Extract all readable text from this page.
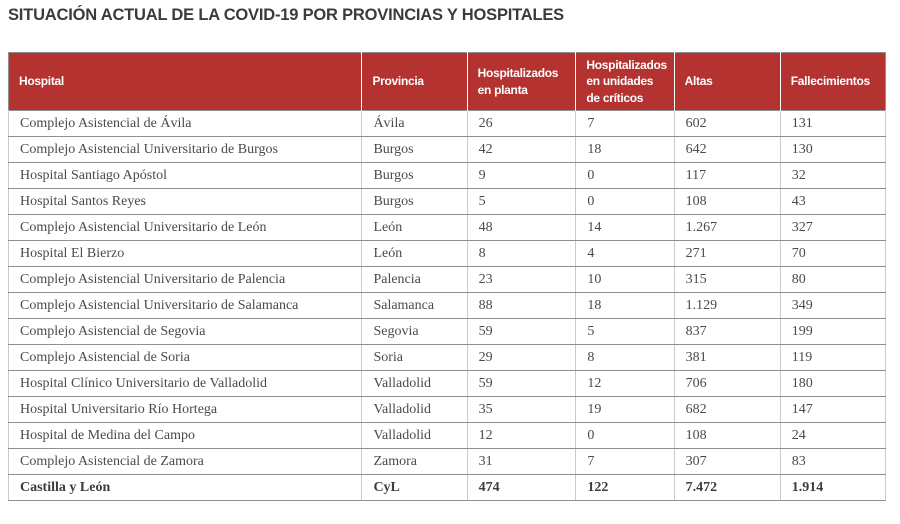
SITUACIÓN ACTUAL DE LA COVID-19 POR PROVINCIAS Y HOSPITALES
Hospital	Provincia	Hospitalizados en planta	Hospitalizados en unidades de críticos	Altas	Fallecimientos
Complejo Asistencial de Ávila	Ávila	26	7	602	131
Complejo Asistencial Universitario de Burgos	Burgos	42	18	642	130
Hospital Santiago Apóstol	Burgos	9	0	117	32
Hospital Santos Reyes	Burgos	5	0	108	43
Complejo Asistencial Universitario de León	León	48	14	1.267	327
Hospital El Bierzo	León	8	4	271	70
Complejo Asistencial Universitario de Palencia	Palencia	23	10	315	80
Complejo Asistencial Universitario de Salamanca	Salamanca	88	18	1.129	349
Complejo Asistencial de Segovia	Segovia	59	5	837	199
Complejo Asistencial de Soria	Soria	29	8	381	119
Hospital Clínico Universitario de Valladolid	Valladolid	59	12	706	180
Hospital Universitario Río Hortega	Valladolid	35	19	682	147
Hospital de Medina del Campo	Valladolid	12	0	108	24
Complejo Asistencial de Zamora	Zamora	31	7	307	83
Castilla y León	CyL	474	122	7.472	1.914
